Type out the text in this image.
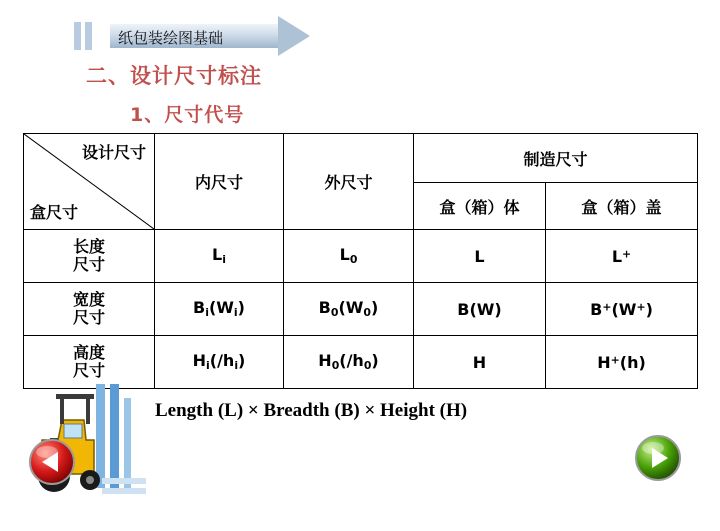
纸包装绘图基础
二、设计尺寸标注
1、尺寸代号
设计尺寸
盒尺寸	内尺寸	外尺寸	制造尺寸	
			盒（箱）体	盒（箱）盖
长度
尺寸	$L_i$	$L_0$	L	L+
宽度
尺寸	$B_i(W_i)$	$B_0(W_0)$	B(W)	B+(W+)
高度
尺寸	$H_i(/h_i)$	$H_0(/h_0)$	H	H+(h)
Length (L) × Breadth (B) × Height (H)
